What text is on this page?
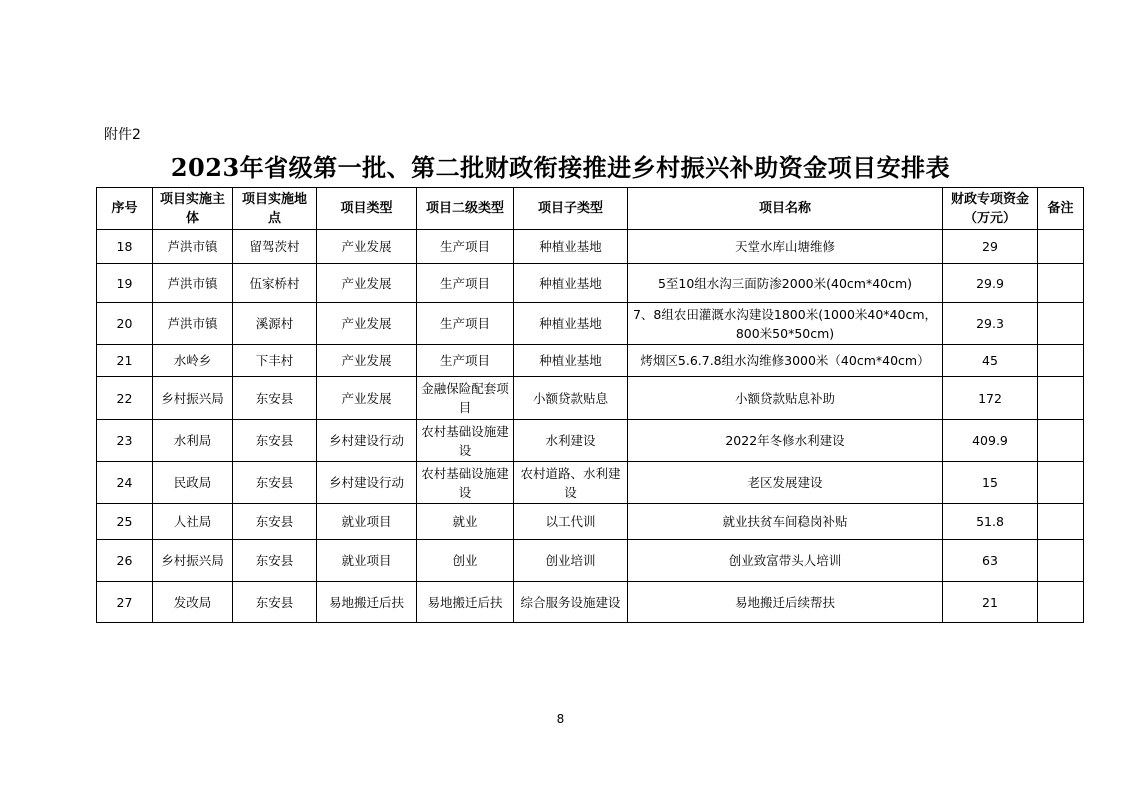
附件2
2023年省级第一批、第二批财政衔接推进乡村振兴补助资金项目安排表
序号	项目实施主体	项目实施地点	项目类型	项目二级类型	项目子类型	项目名称	财政专项资金（万元）	备注
18	芦洪市镇	留驾茨村	产业发展	生产项目	种植业基地	天堂水库山塘维修	29	
19	芦洪市镇	伍家桥村	产业发展	生产项目	种植业基地	5至10组水沟三面防渗2000米(40cm*40cm)	29.9	
20	芦洪市镇	溪源村	产业发展	生产项目	种植业基地	7、8组农田灌溉水沟建设1800米(1000米40*40cm，800米50*50cm)	29.3	
21	水岭乡	下丰村	产业发展	生产项目	种植业基地	烤烟区5.6.7.8组水沟维修3000米（40cm*40cm）	45	
22	乡村振兴局	东安县	产业发展	金融保险配套项目	小额贷款贴息	小额贷款贴息补助	172	
23	水利局	东安县	乡村建设行动	农村基础设施建设	水利建设	2022年冬修水利建设	409.9	
24	民政局	东安县	乡村建设行动	农村基础设施建设	农村道路、水利建设	老区发展建设	15	
25	人社局	东安县	就业项目	就业	以工代训	就业扶贫车间稳岗补贴	51.8	
26	乡村振兴局	东安县	就业项目	创业	创业培训	创业致富带头人培训	63	
27	发改局	东安县	易地搬迁后扶	易地搬迁后扶	综合服务设施建设	易地搬迁后续帮扶	21	
8
